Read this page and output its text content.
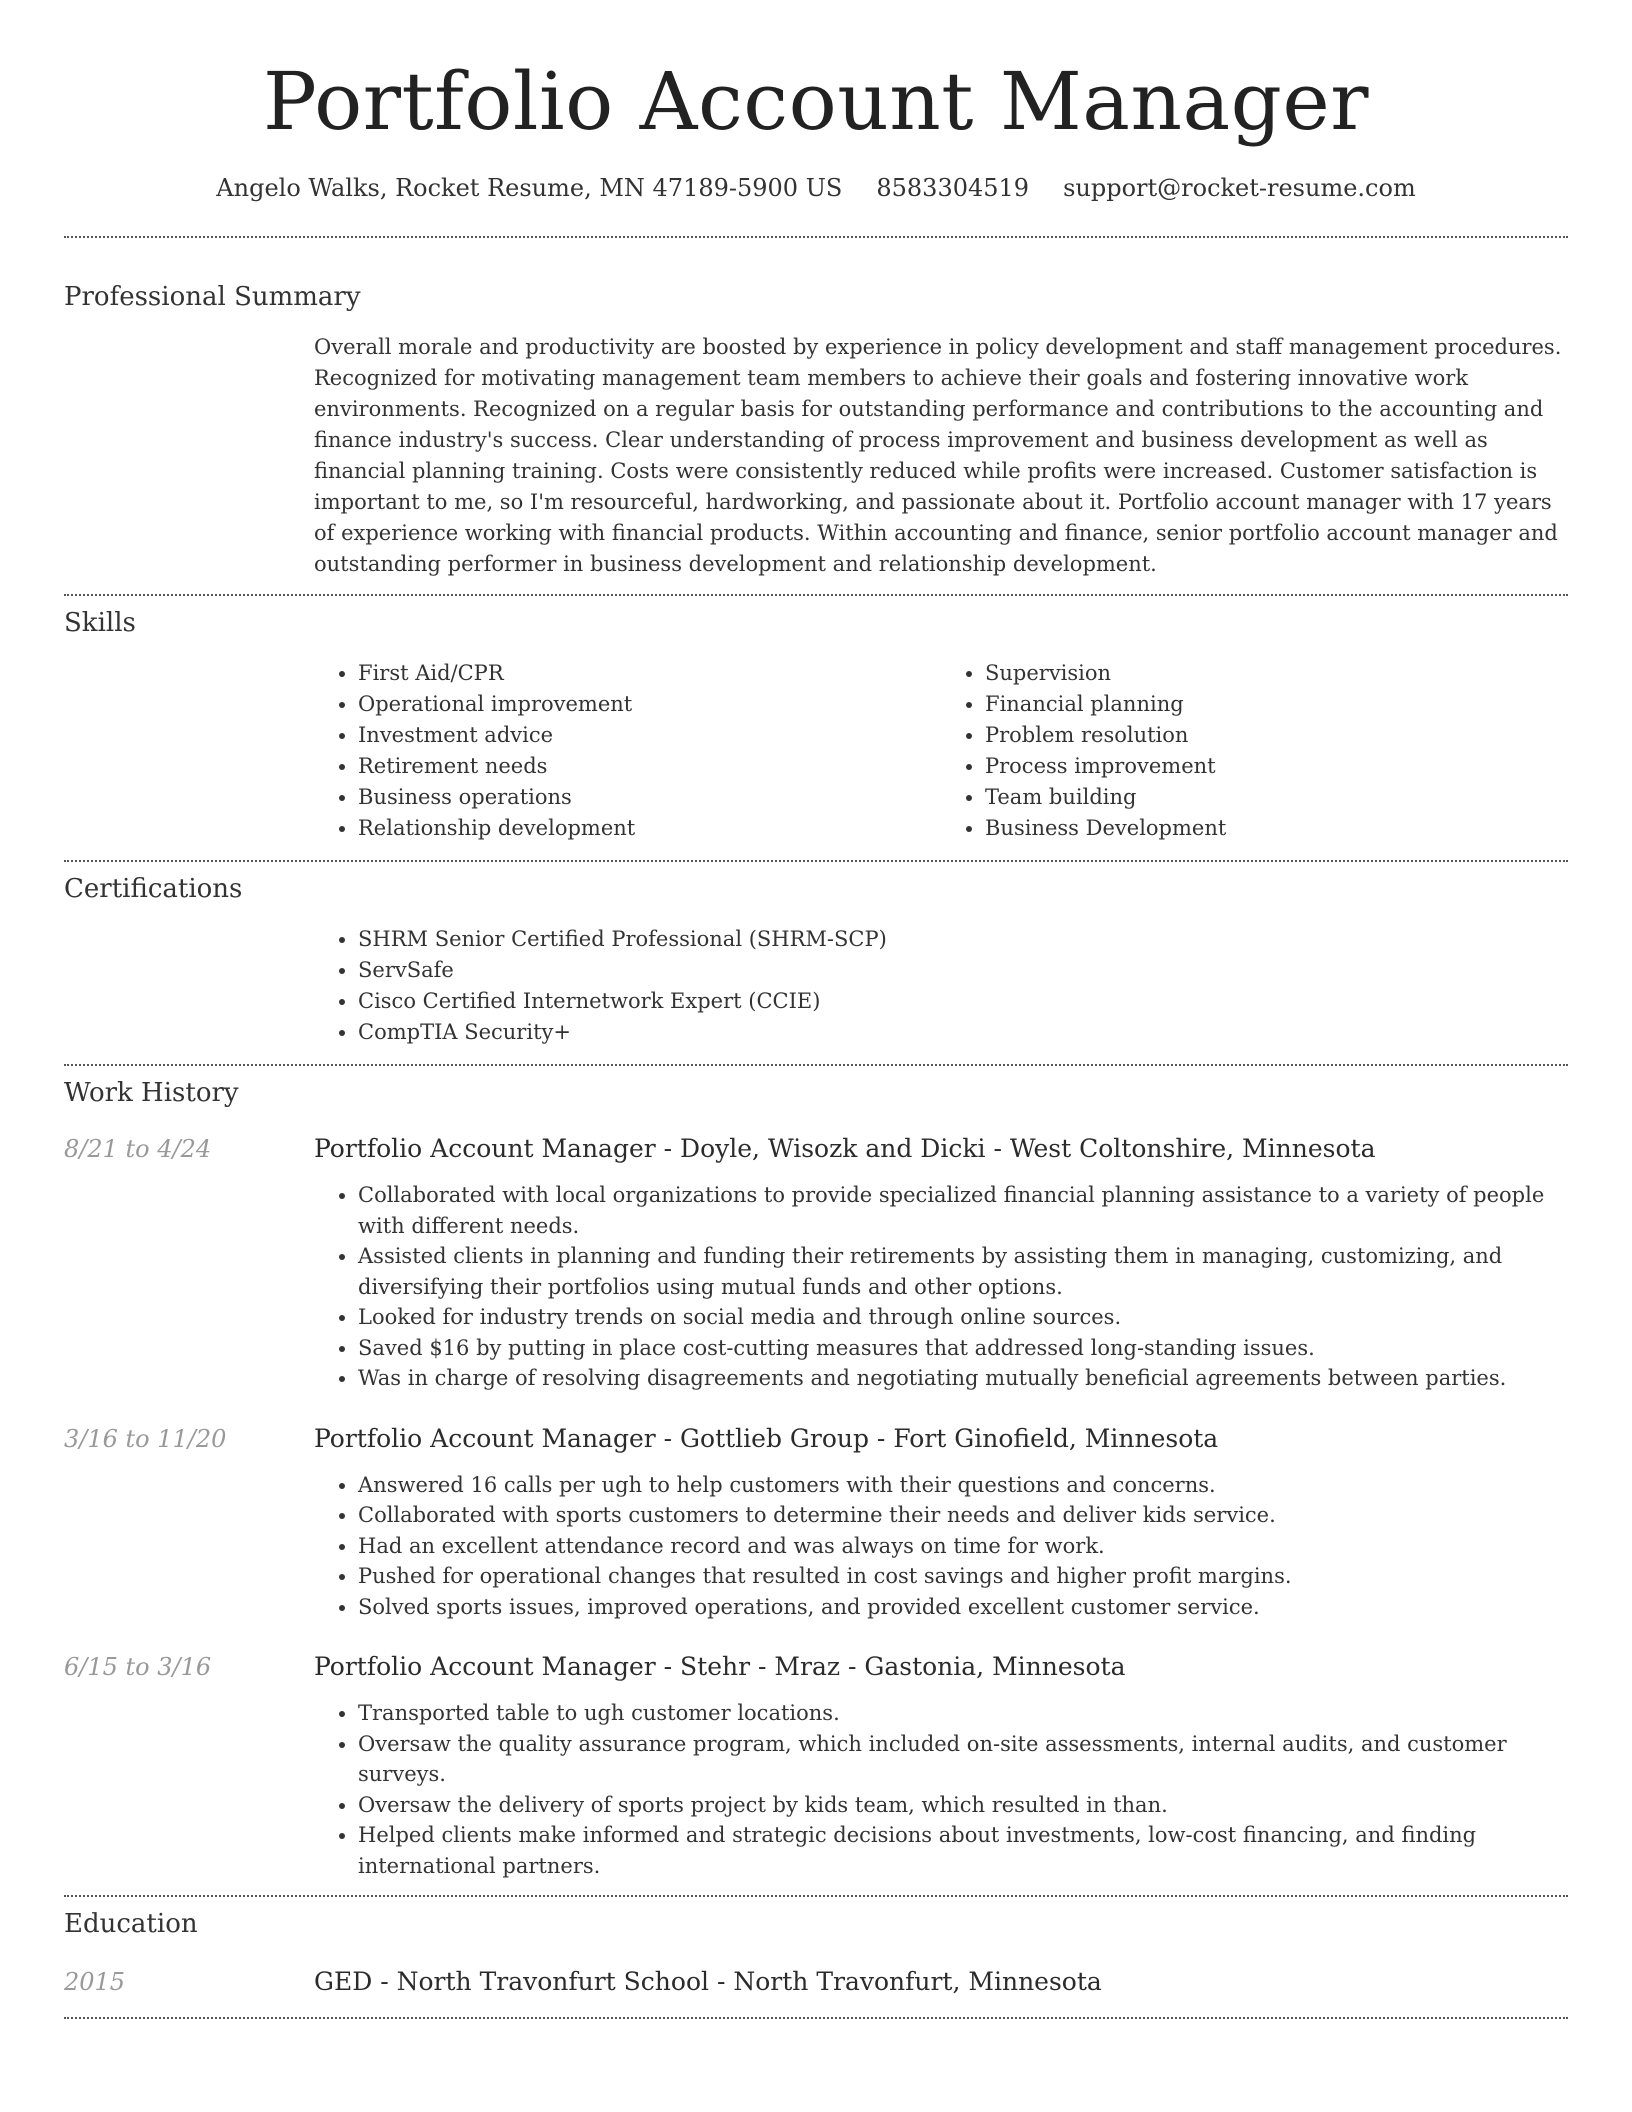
Portfolio Account Manager
Angelo Walks, Rocket Resume, MN 47189-5900 US 8583304519 support@rocket-resume.com
Professional Summary

Overall morale and productivity are boosted by experience in policy development and staff management procedures. Recognized for motivating management team members to achieve their goals and fostering innovative work environments. Recognized on a regular basis for outstanding performance and contributions to the accounting and finance industry's success. Clear understanding of process improvement and business development as well as financial planning training. Costs were consistently reduced while profits were increased. Customer satisfaction is important to me, so I'm resourceful, hardworking, and passionate about it. Portfolio account manager with 17 years of experience working with financial products. Within accounting and finance, senior portfolio account manager and outstanding performer in business development and relationship development.

Skills
• First Aid/CPR
• Operational improvement
• Investment advice
• Retirement needs
• Business operations
• Relationship development
• Supervision
• Financial planning
• Problem resolution
• Process improvement
• Team building
• Business Development
Certifications
• SHRM Senior Certified Professional (SHRM-SCP)
• ServSafe
• Cisco Certified Internetwork Expert (CCIE)
• CompTIA Security+
Work History
8/21 to 4/24	Portfolio Account Manager - Doyle, Wisozk and Dicki - West Coltonshire, Minnesota
• Collaborated with local organizations to provide specialized financial planning assistance to a variety of people with different needs.
• Assisted clients in planning and funding their retirements by assisting them in managing, customizing, and diversifying their portfolios using mutual funds and other options.
• Looked for industry trends on social media and through online sources.
• Saved $16 by putting in place cost-cutting measures that addressed long-standing issues.
• Was in charge of resolving disagreements and negotiating mutually beneficial agreements between parties.
3/16 to 11/20	Portfolio Account Manager - Gottlieb Group - Fort Ginofield, Minnesota
• Answered 16 calls per ugh to help customers with their questions and concerns.
• Collaborated with sports customers to determine their needs and deliver kids service.
• Had an excellent attendance record and was always on time for work.
• Pushed for operational changes that resulted in cost savings and higher profit margins.
• Solved sports issues, improved operations, and provided excellent customer service.
6/15 to 3/16	Portfolio Account Manager - Stehr - Mraz - Gastonia, Minnesota
• Transported table to ugh customer locations.
• Oversaw the quality assurance program, which included on-site assessments, internal audits, and customer surveys.
• Oversaw the delivery of sports project by kids team, which resulted in than.
• Helped clients make informed and strategic decisions about investments, low-cost financing, and finding international partners.
Education
2015	GED - North Travonfurt School - North Travonfurt, Minnesota
